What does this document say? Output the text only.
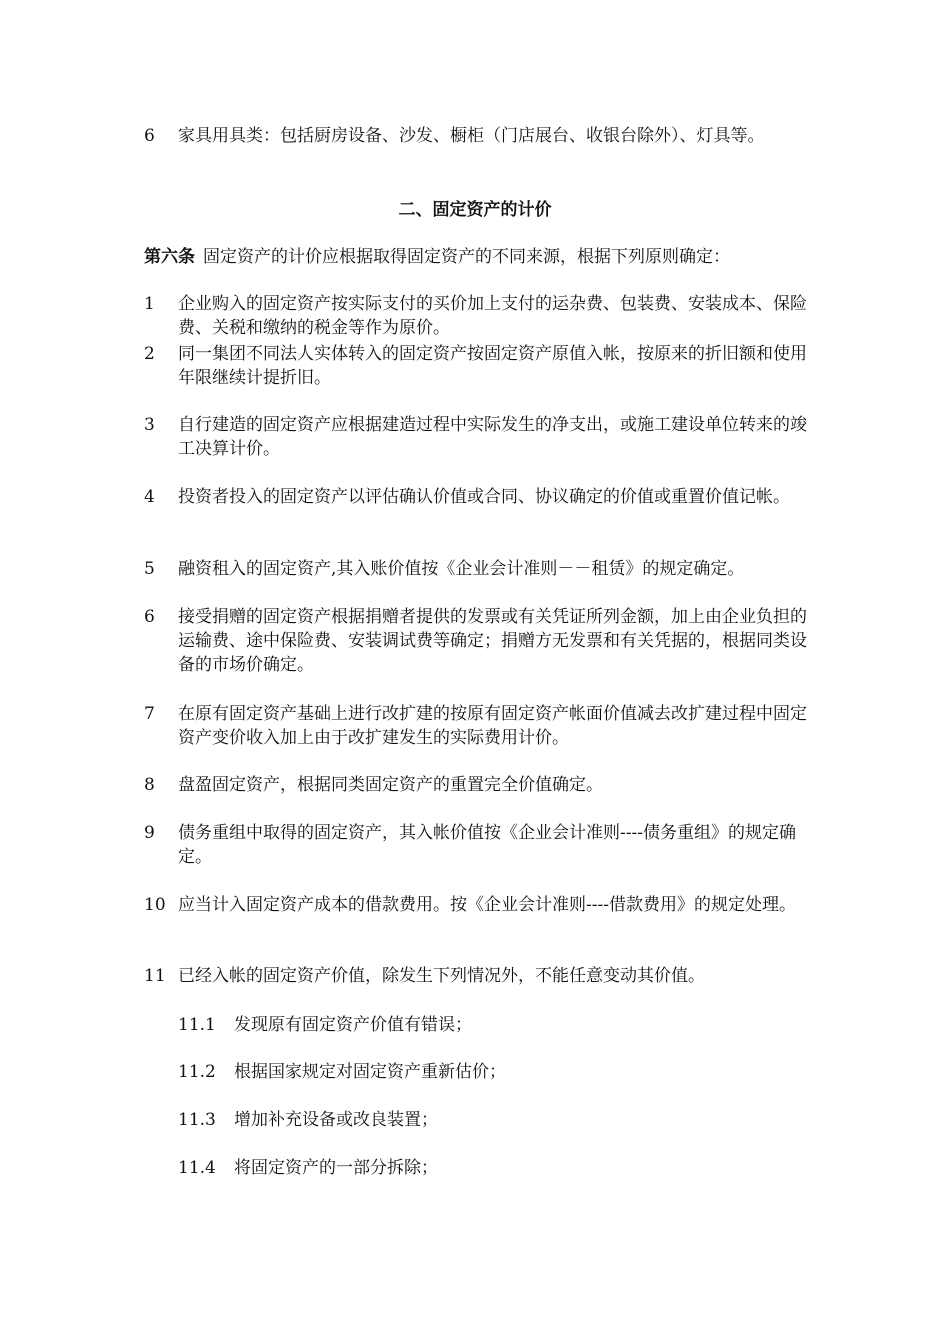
6	家具用具类：包括厨房设备、沙发、橱柜（门店展台、收银台除外）、灯具等。
二、固定资产的计价
第六条 固定资产的计价应根据取得固定资产的不同来源，根据下列原则确定：
1	企业购入的固定资产按实际支付的买价加上支付的运杂费、包装费、安装成本、保险费、关税和缴纳的税金等作为原价。
2	同一集团不同法人实体转入的固定资产按固定资产原值入帐，按原来的折旧额和使用年限继续计提折旧。
3	自行建造的固定资产应根据建造过程中实际发生的净支出，或施工建设单位转来的竣工决算计价。
4	投资者投入的固定资产以评估确认价值或合同、协议确定的价值或重置价值记帐。
5	融资租入的固定资产,其入账价值按《企业会计准则－－租赁》的规定确定。
6	接受捐赠的固定资产根据捐赠者提供的发票或有关凭证所列金额，加上由企业负担的运输费、途中保险费、安装调试费等确定；捐赠方无发票和有关凭据的，根据同类设备的市场价确定。
7	在原有固定资产基础上进行改扩建的按原有固定资产帐面价值减去改扩建过程中固定资产变价收入加上由于改扩建发生的实际费用计价。
8	盘盈固定资产，根据同类固定资产的重置完全价值确定。
9	债务重组中取得的固定资产，其入帐价值按《企业会计准则----债务重组》的规定确定。
10 应当计入固定资产成本的借款费用。按《企业会计准则----借款费用》的规定处理。
11 已经入帐的固定资产价值，除发生下列情况外，不能任意变动其价值。
11.1	发现原有固定资产价值有错误；
11.2	根据国家规定对固定资产重新估价；
11.3	增加补充设备或改良装置；
11.4	将固定资产的一部分拆除；
